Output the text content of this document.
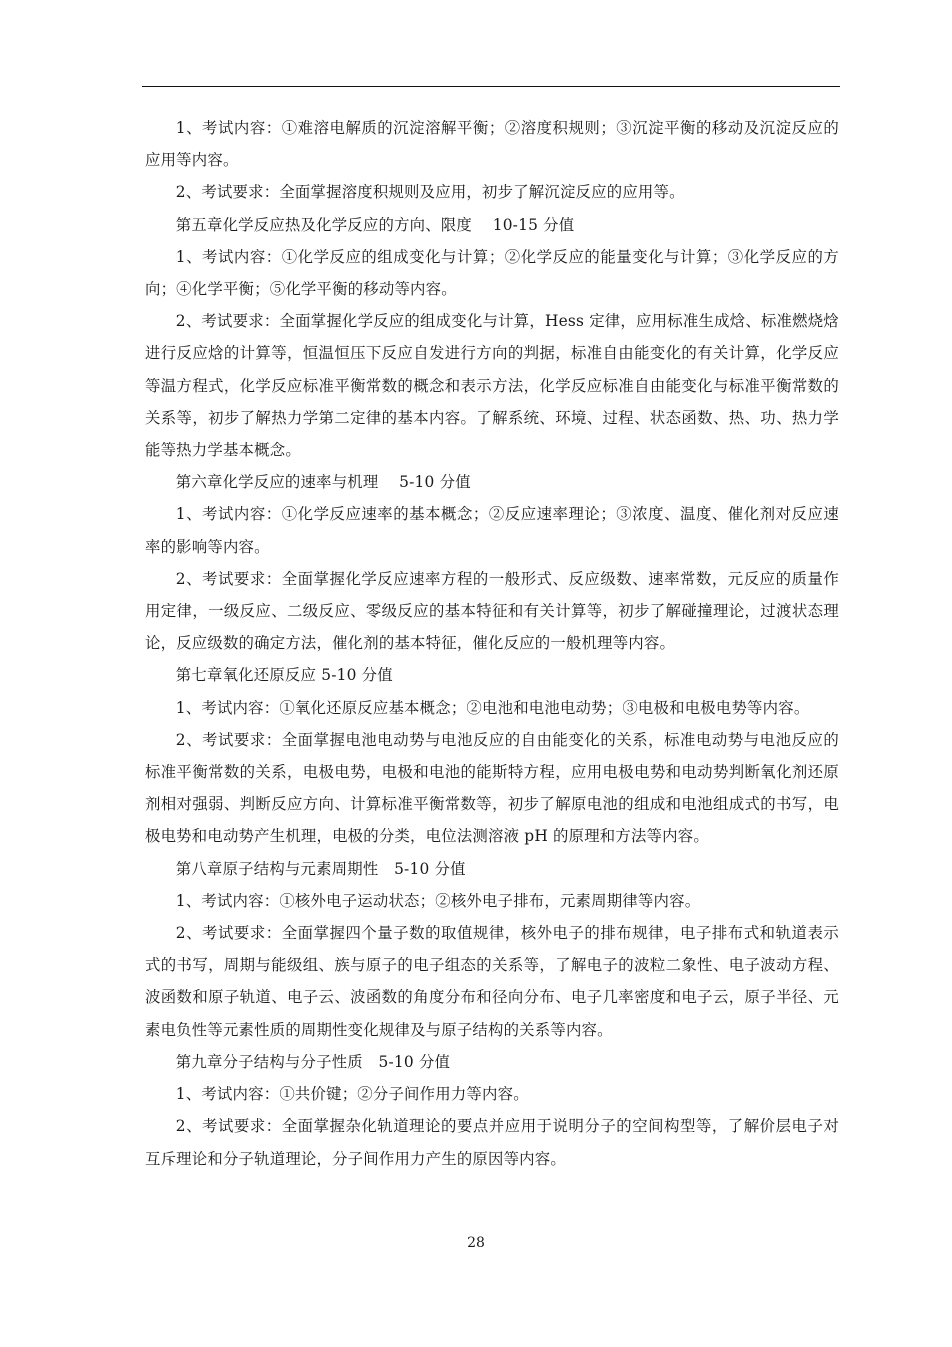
1、考试内容：①难溶电解质的沉淀溶解平衡；②溶度积规则；③沉淀平衡的移动及沉淀反应的应用等内容。

2、考试要求：全面掌握溶度积规则及应用，初步了解沉淀反应的应用等。

第五章化学反应热及化学反应的方向、限度　 10-15 分值

1、考试内容：①化学反应的组成变化与计算；②化学反应的能量变化与计算；③化学反应的方向；④化学平衡；⑤化学平衡的移动等内容。

2、考试要求：全面掌握化学反应的组成变化与计算，Hess 定律，应用标准生成焓、标准燃烧焓进行反应焓的计算等，恒温恒压下反应自发进行方向的判据，标准自由能变化的有关计算，化学反应等温方程式，化学反应标准平衡常数的概念和表示方法，化学反应标准自由能变化与标准平衡常数的关系等，初步了解热力学第二定律的基本内容。了解系统、环境、过程、状态函数、热、功、热力学能等热力学基本概念。

第六章化学反应的速率与机理　 5-10 分值

1、考试内容：①化学反应速率的基本概念；②反应速率理论；③浓度、温度、催化剂对反应速率的影响等内容。

2、考试要求：全面掌握化学反应速率方程的一般形式、反应级数、速率常数，元反应的质量作用定律，一级反应、二级反应、零级反应的基本特征和有关计算等，初步了解碰撞理论，过渡状态理论，反应级数的确定方法，催化剂的基本特征，催化反应的一般机理等内容。

第七章氧化还原反应 5-10 分值

1、考试内容：①氧化还原反应基本概念；②电池和电池电动势；③电极和电极电势等内容。

2、考试要求：全面掌握电池电动势与电池反应的自由能变化的关系，标准电动势与电池反应的标准平衡常数的关系，电极电势，电极和电池的能斯特方程，应用电极电势和电动势判断氧化剂还原剂相对强弱、判断反应方向、计算标准平衡常数等，初步了解原电池的组成和电池组成式的书写，电极电势和电动势产生机理，电极的分类，电位法测溶液 pH 的原理和方法等内容。

第八章原子结构与元素周期性　5-10 分值

1、考试内容：①核外电子运动状态；②核外电子排布，元素周期律等内容。

2、考试要求：全面掌握四个量子数的取值规律，核外电子的排布规律，电子排布式和轨道表示式的书写，周期与能级组、族与原子的电子组态的关系等，了解电子的波粒二象性、电子波动方程、波函数和原子轨道、电子云、波函数的角度分布和径向分布、电子几率密度和电子云，原子半径、元素电负性等元素性质的周期性变化规律及与原子结构的关系等内容。

第九章分子结构与分子性质　5-10 分值

1、考试内容：①共价键；②分子间作用力等内容。

2、考试要求：全面掌握杂化轨道理论的要点并应用于说明分子的空间构型等，了解价层电子对互斥理论和分子轨道理论，分子间作用力产生的原因等内容。

28
